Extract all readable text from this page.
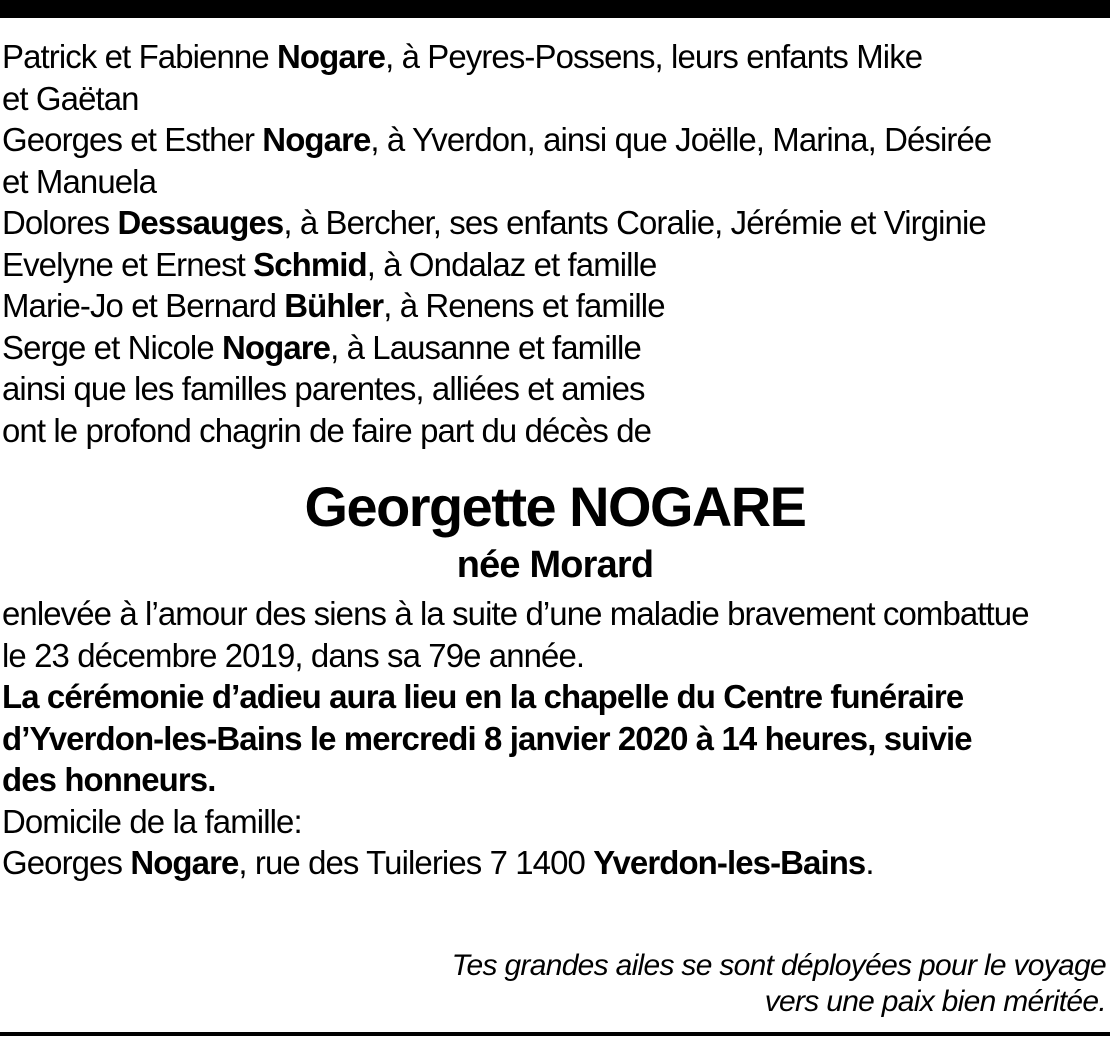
Patrick et Fabienne Nogare, à Peyres-Possens, leurs enfants Mike
et Gaëtan
Georges et Esther Nogare, à Yverdon, ainsi que Joëlle, Marina, Désirée
et Manuela
Dolores Dessauges, à Bercher, ses enfants Coralie, Jérémie et Virginie
Evelyne et Ernest Schmid, à Ondalaz et famille
Marie-Jo et Bernard Bühler, à Renens et famille
Serge et Nicole Nogare, à Lausanne et famille
ainsi que les familles parentes, alliées et amies
ont le profond chagrin de faire part du décès de
Georgette NOGARE
née Morard
enlevée à l’amour des siens à la suite d’une maladie bravement combattue
le 23 décembre 2019, dans sa 79e année.
La cérémonie d’adieu aura lieu en la chapelle du Centre funéraire
d’Yverdon-les-Bains le mercredi 8 janvier 2020 à 14 heures, suivie
des honneurs.
Domicile de la famille:
Georges Nogare, rue des Tuileries 7 1400 Yverdon-les-Bains.
Tes grandes ailes se sont déployées pour le voyage
vers une paix bien méritée.
